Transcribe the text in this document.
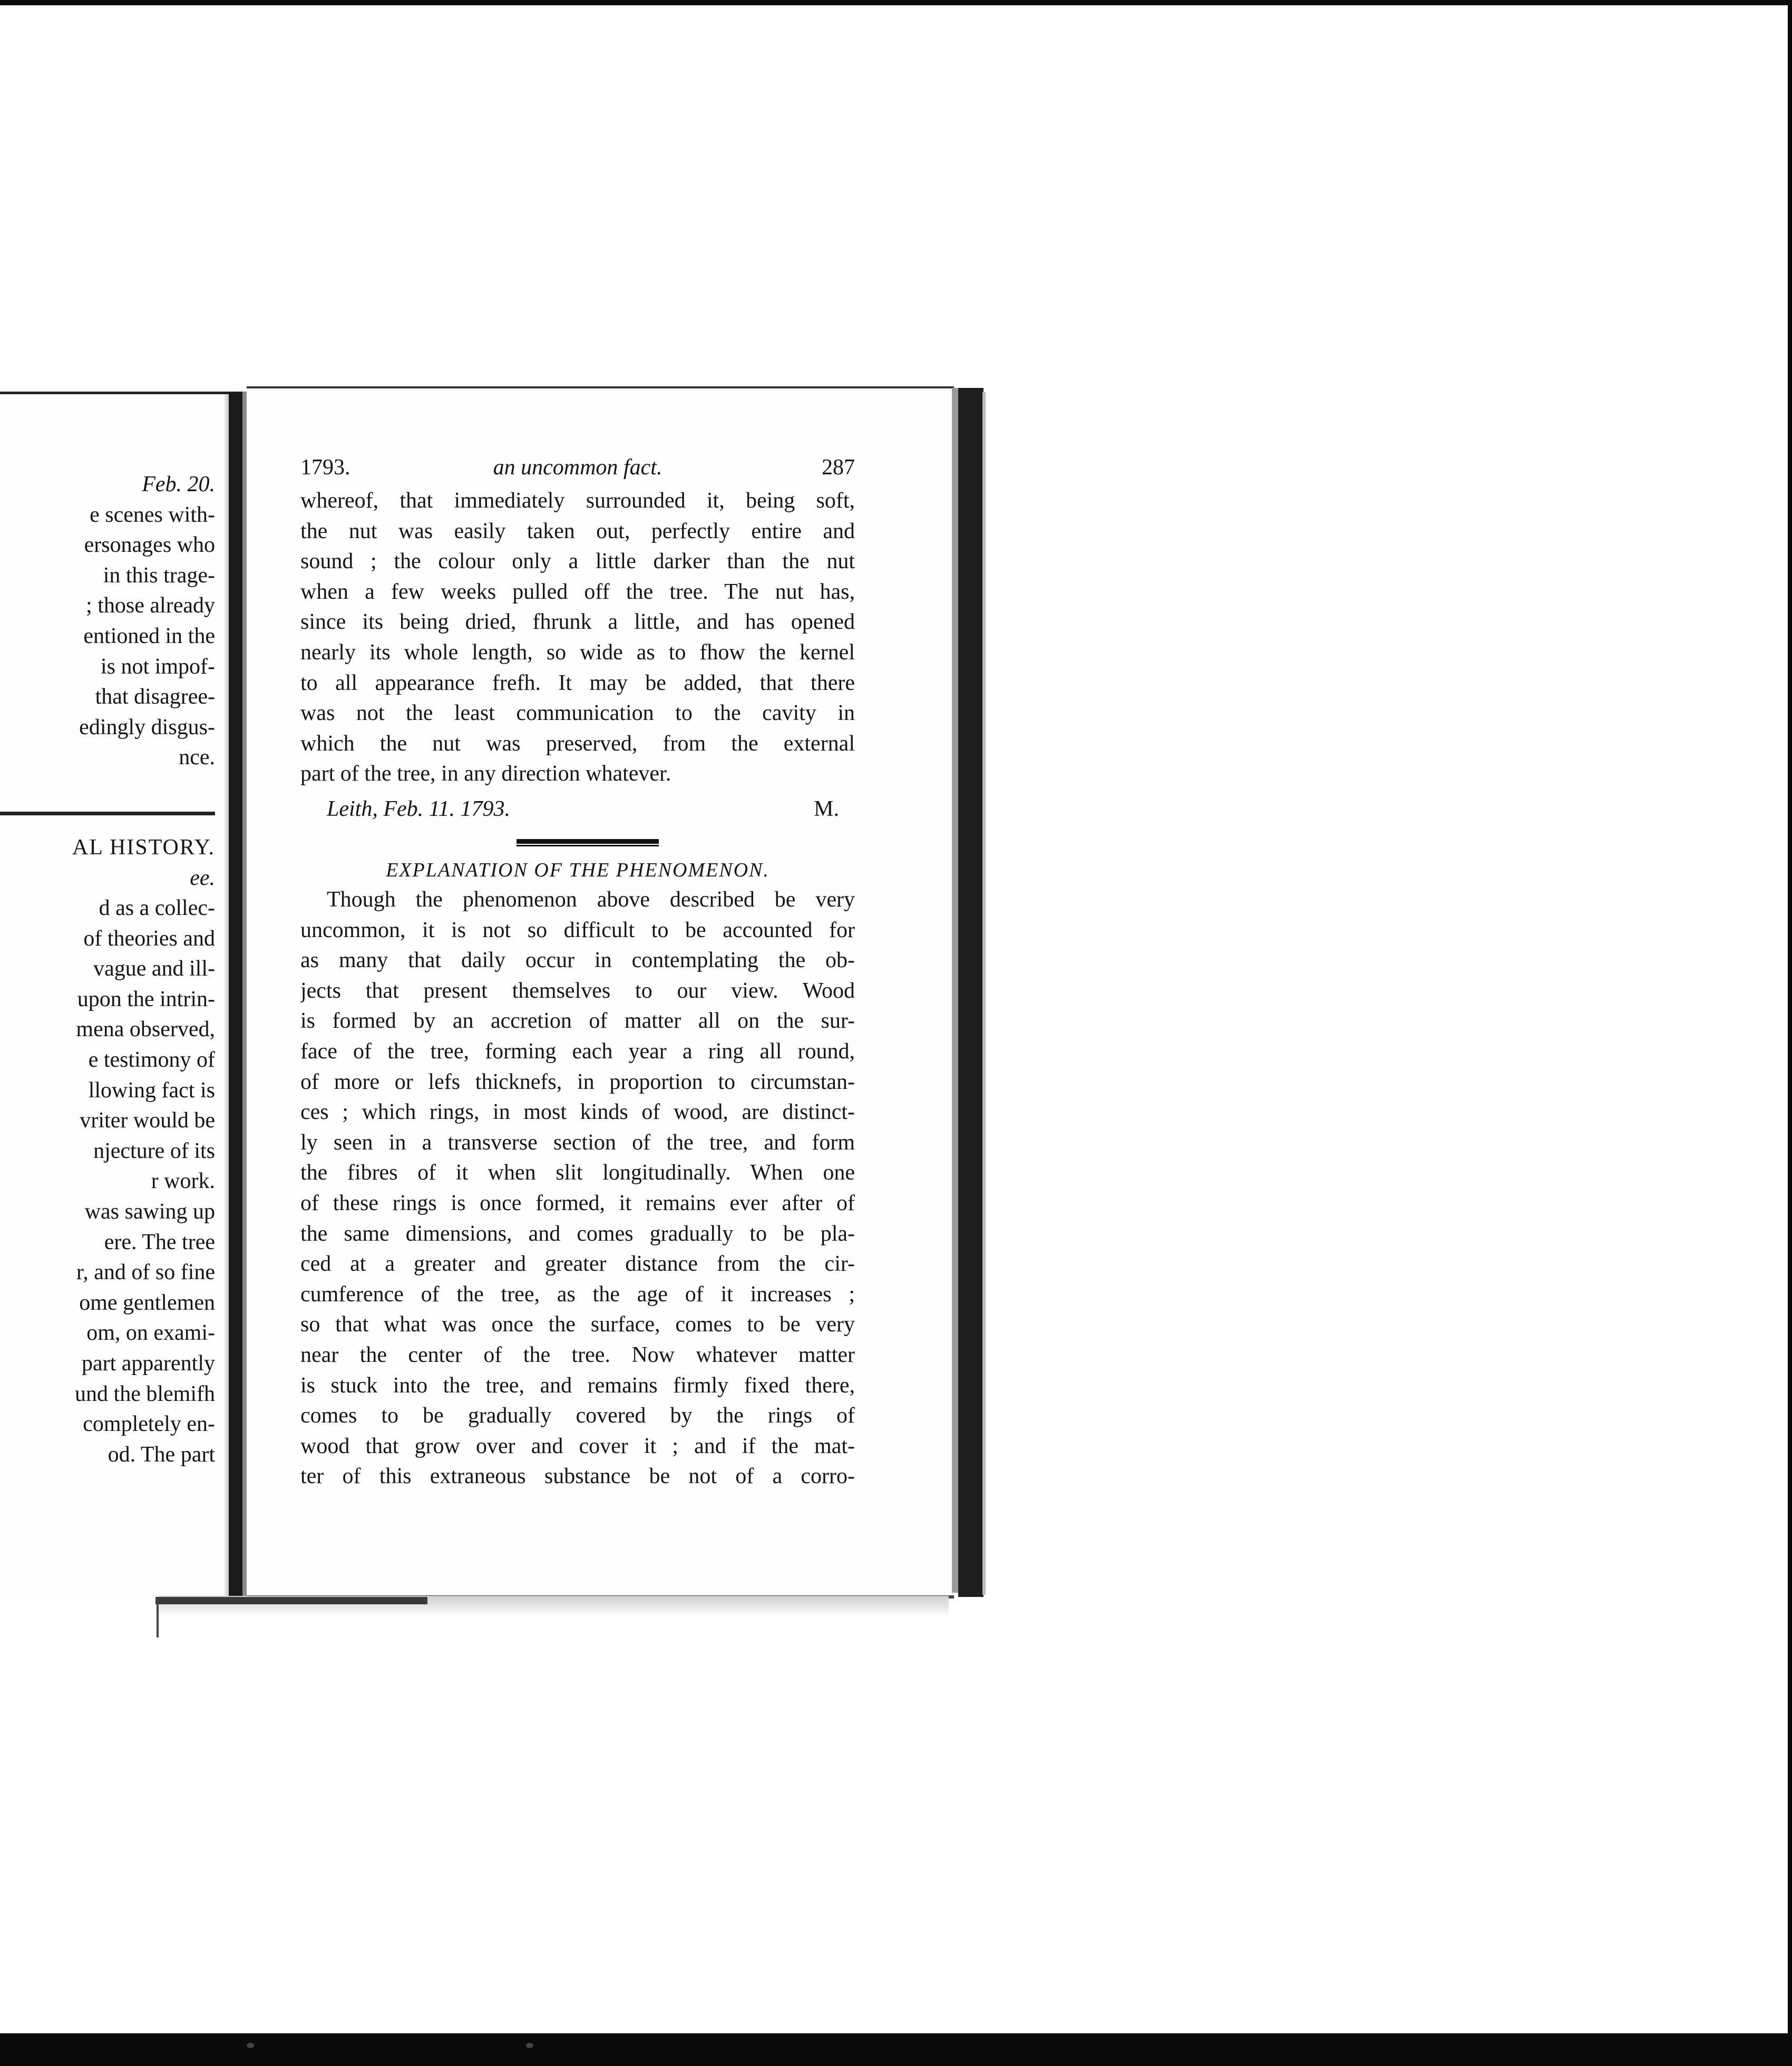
Feb. 20.
e scenes with-
ersonages who
in this trage-
; those already
entioned in the
is not impof-
that disagree-
edingly disgus-
nce.
AL HISTORY.
ee.
d as a collec-
of theories and
vague and ill-
upon the intrin-
mena observed,
e testimony of
llowing fact is
vriter would be
njecture of its
r work.
was sawing up
ere. The tree
r, and of so fine
ome gentlemen
om, on exami-
part apparently
und the blemifh
completely en-
od. The part
an uncommon fact.
1793.	287
whereof, that immediately surrounded it, being soft,
the nut was easily taken out, perfectly entire and
sound ; the colour only a little darker than the nut
when a few weeks pulled off the tree. The nut has,
since its being dried, fhrunk a little, and has opened
nearly its whole length, so wide as to fhow the kernel
to all appearance frefh. It may be added, that there
was not the least communication to the cavity in
which the nut was preserved, from the external
part of the tree, in any direction whatever.
Leith, Feb. 11. 1793.	M.
EXPLANATION OF THE PHENOMENON.
Though the phenomenon above described be very
uncommon, it is not so difficult to be accounted for
as many that daily occur in contemplating the ob-
jects that present themselves to our view. Wood
is formed by an accretion of matter all on the sur-
face of the tree, forming each year a ring all round,
of more or lefs thicknefs, in proportion to circumstan-
ces ; which rings, in most kinds of wood, are distinct-
ly seen in a transverse section of the tree, and form
the fibres of it when slit longitudinally. When one
of these rings is once formed, it remains ever after of
the same dimensions, and comes gradually to be pla-
ced at a greater and greater distance from the cir-
cumference of the tree, as the age of it increases ;
so that what was once the surface, comes to be very
near the center of the tree. Now whatever matter
is stuck into the tree, and remains firmly fixed there,
comes to be gradually covered by the rings of
wood that grow over and cover it ; and if the mat-
ter of this extraneous substance be not of a corro-
